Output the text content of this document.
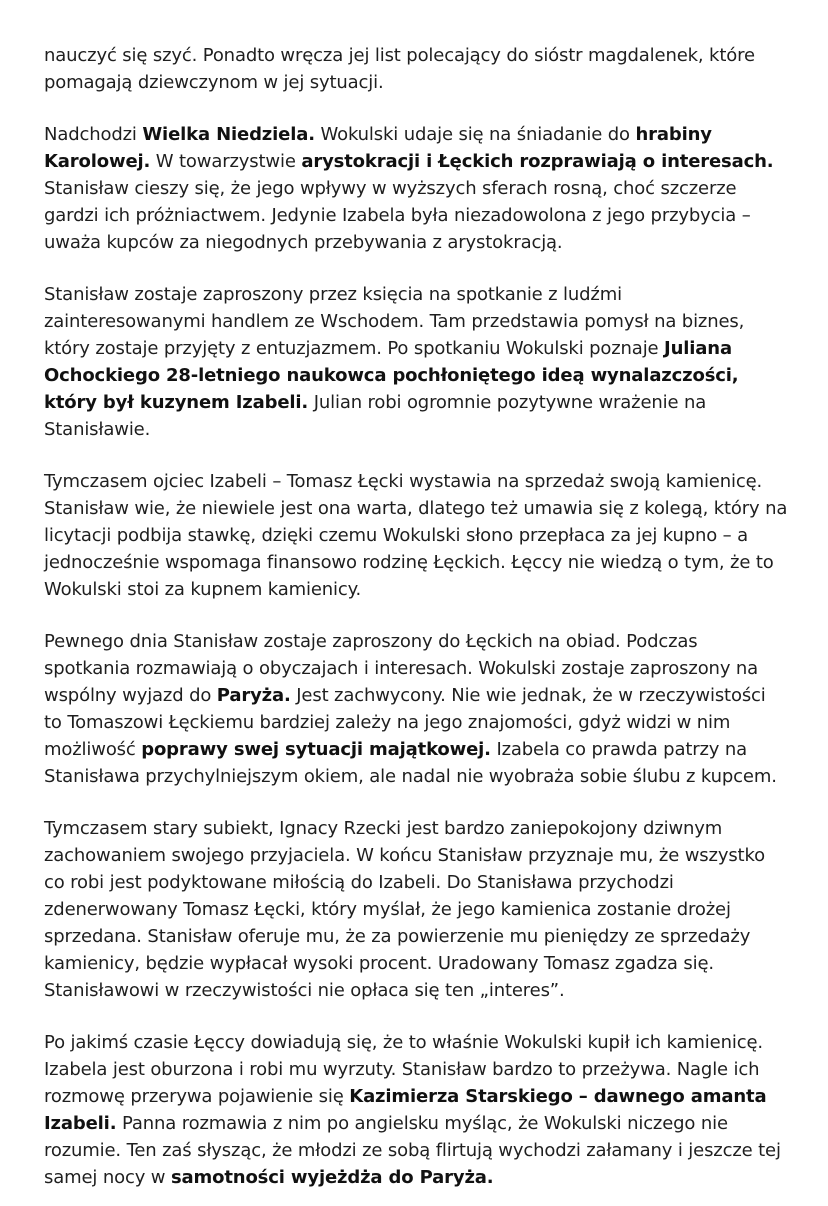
nauczyć się szyć. Ponadto wręcza jej list polecający do sióstr magdalenek, które pomagają dziewczynom w jej sytuacji.

Nadchodzi Wielka Niedziela. Wokulski udaje się na śniadanie do hrabiny Karolowej. W towarzystwie arystokracji i Łęckich rozprawiają o interesach. Stanisław cieszy się, że jego wpływy w wyższych sferach rosną, choć szczerze gardzi ich próżniactwem. Jedynie Izabela była niezadowolona z jego przybycia – uważa kupców za niegodnych przebywania z arystokracją.

Stanisław zostaje zaproszony przez księcia na spotkanie z ludźmi zainteresowanymi handlem ze Wschodem. Tam przedstawia pomysł na biznes, który zostaje przyjęty z entuzjazmem. Po spotkaniu Wokulski poznaje Juliana Ochockiego 28-letniego naukowca pochłoniętego ideą wynalazczości, który był kuzynem Izabeli. Julian robi ogromnie pozytywne wrażenie na Stanisławie.

Tymczasem ojciec Izabeli – Tomasz Łęcki wystawia na sprzedaż swoją kamienicę. Stanisław wie, że niewiele jest ona warta, dlatego też umawia się z kolegą, który na licytacji podbija stawkę, dzięki czemu Wokulski słono przepłaca za jej kupno – a jednocześnie wspomaga finansowo rodzinę Łęckich. Łęccy nie wiedzą o tym, że to Wokulski stoi za kupnem kamienicy.

Pewnego dnia Stanisław zostaje zaproszony do Łęckich na obiad. Podczas spotkania rozmawiają o obyczajach i interesach. Wokulski zostaje zaproszony na wspólny wyjazd do Paryża. Jest zachwycony. Nie wie jednak, że w rzeczywistości to Tomaszowi Łęckiemu bardziej zależy na jego znajomości, gdyż widzi w nim możliwość poprawy swej sytuacji majątkowej. Izabela co prawda patrzy na Stanisława przychylniejszym okiem, ale nadal nie wyobraża sobie ślubu z kupcem.

Tymczasem stary subiekt, Ignacy Rzecki jest bardzo zaniepokojony dziwnym zachowaniem swojego przyjaciela. W końcu Stanisław przyznaje mu, że wszystko co robi jest podyktowane miłością do Izabeli. Do Stanisława przychodzi zdenerwowany Tomasz Łęcki, który myślał, że jego kamienica zostanie drożej sprzedana. Stanisław oferuje mu, że za powierzenie mu pieniędzy ze sprzedaży kamienicy, będzie wypłacał wysoki procent. Uradowany Tomasz zgadza się. Stanisławowi w rzeczywistości nie opłaca się ten „interes”.

Po jakimś czasie Łęccy dowiadują się, że to właśnie Wokulski kupił ich kamienicę. Izabela jest oburzona i robi mu wyrzuty. Stanisław bardzo to przeżywa. Nagle ich rozmowę przerywa pojawienie się Kazimierza Starskiego – dawnego amanta Izabeli. Panna rozmawia z nim po angielsku myśląc, że Wokulski niczego nie rozumie. Ten zaś słysząc, że młodzi ze sobą flirtują wychodzi załamany i jeszcze tej samej nocy w samotności wyjeżdża do Paryża.
